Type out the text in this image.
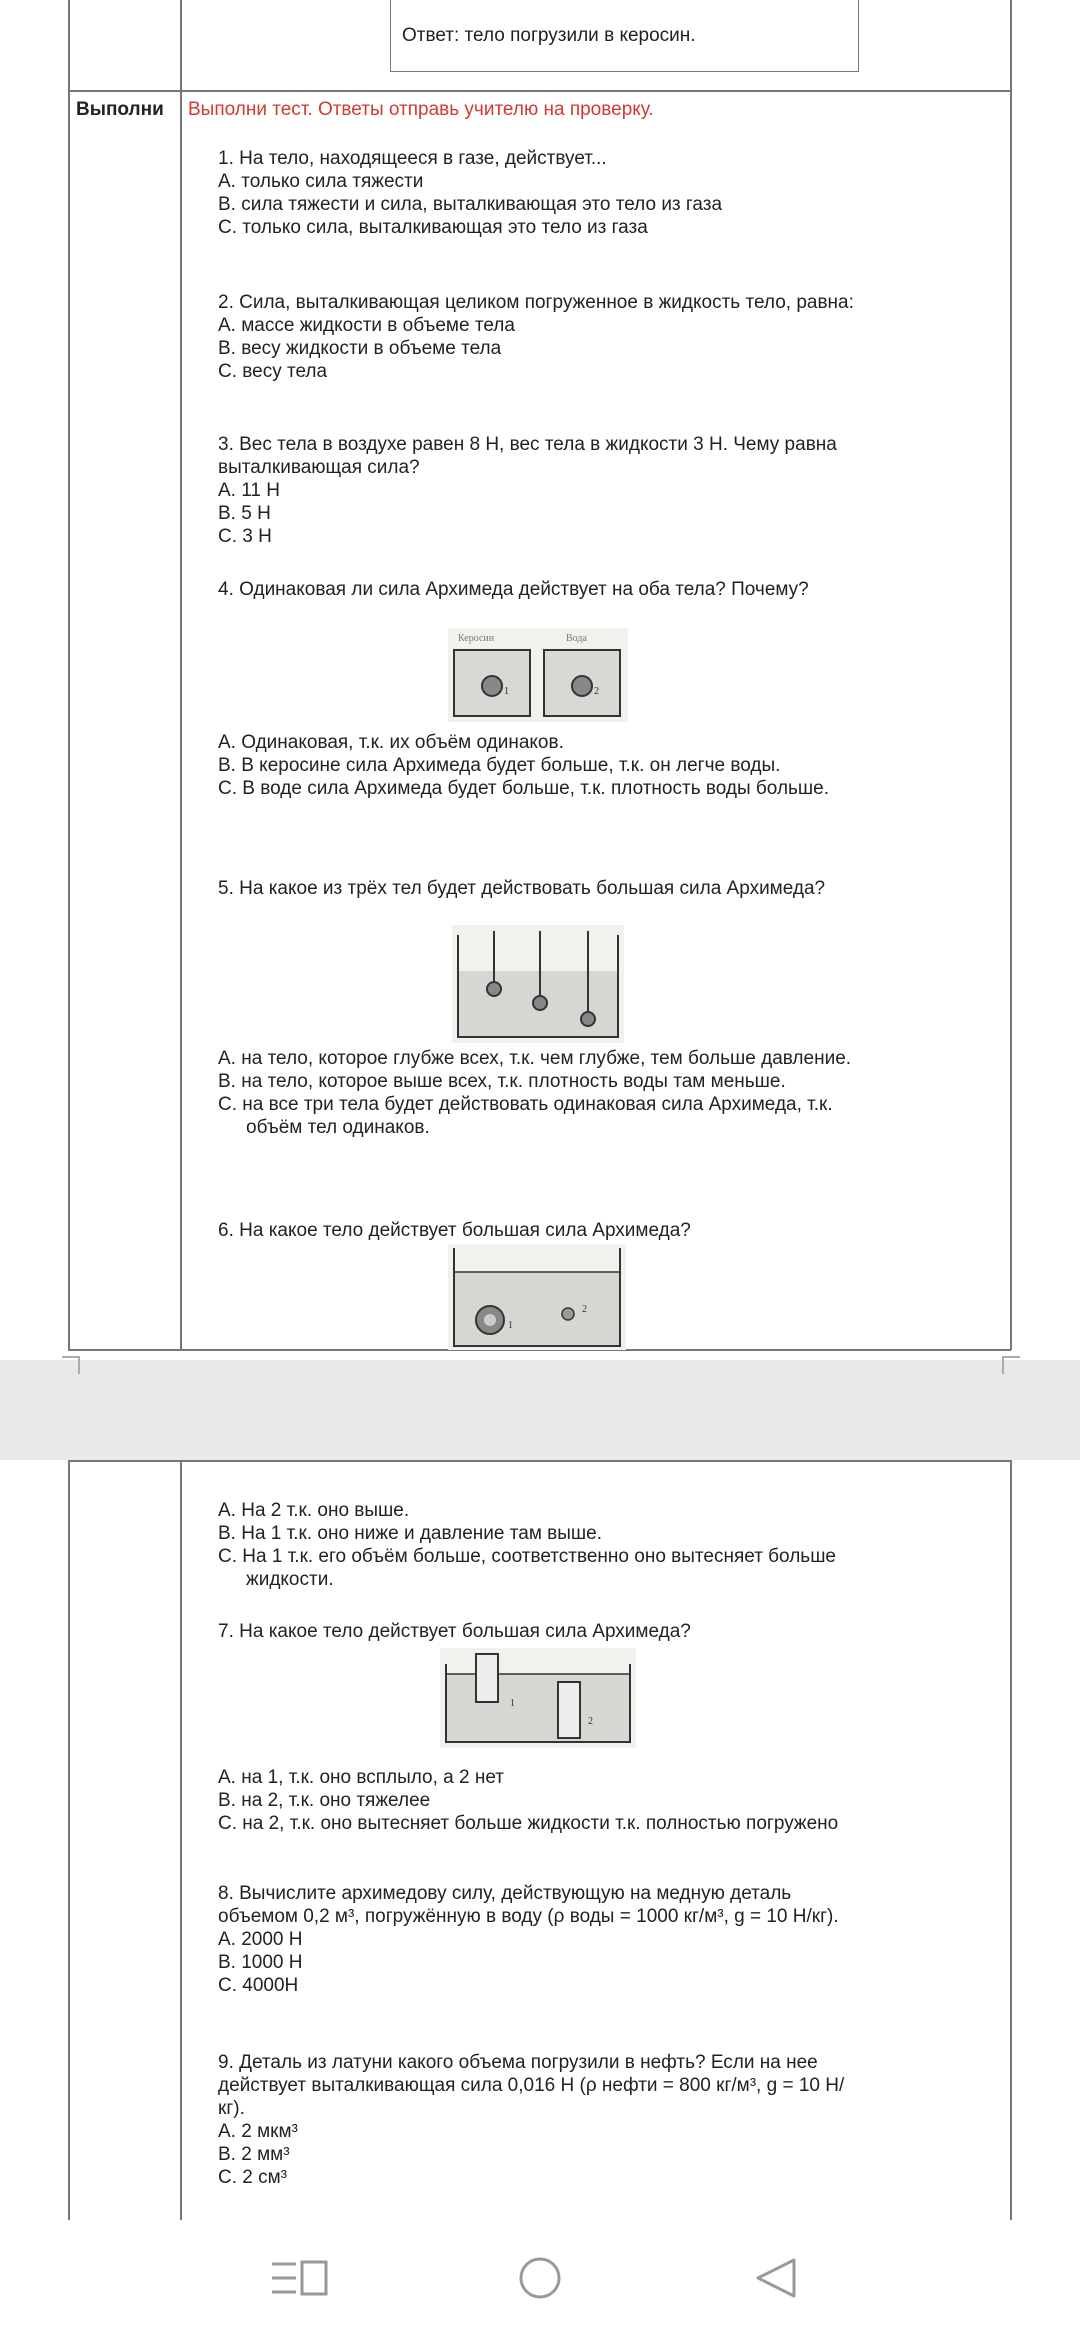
Ответ: тело погрузили в керосин.
Выполни	Выполни тест. Ответы отправь учителю на проверку.
1. На тело, находящееся в газе, действует...
A. только сила тяжести
B. сила тяжести и сила, выталкивающая это тело из газа
C. только сила, выталкивающая это тело из газа
2. Сила, выталкивающая целиком погруженное в жидкость тело, равна:
A. массе жидкости в объеме тела
B. весу жидкости в объеме тела
C. весу тела
3. Вес тела в воздухе равен 8 Н, вес тела в жидкости 3 Н. Чему равна выталкивающая сила?
A. 11 Н
B. 5 Н
C. 3 Н
4. Одинаковая ли сила Архимеда действует на оба тела? Почему?
Керосин	Вода
1	2
A. Одинаковая, т.к. их объём одинаков.
B. В керосине сила Архимеда будет больше, т.к. он легче воды.
C. В воде сила Архимеда будет больше, т.к. плотность воды больше.
5. На какое из трёх тел будет действовать большая сила Архимеда?
A. на тело, которое глубже всех, т.к. чем глубже, тем больше давление.
B. на тело, которое выше всех, т.к. плотность воды там меньше.
C. на все три тела будет действовать одинаковая сила Архимеда, т.к. объём тел одинаков.
6. На какое тело действует большая сила Архимеда?
1
2
A. На 2 т.к. оно выше.
B. На 1 т.к. оно ниже и давление там выше.
C. На 1 т.к. его объём больше, соответственно оно вытесняет больше жидкости.
7. На какое тело действует большая сила Архимеда?
1
2
A. на 1, т.к. оно всплыло, а 2 нет
B. на 2, т.к. оно тяжелее
C. на 2, т.к. оно вытесняет больше жидкости т.к. полностью погружено
8. Вычислите архимедову силу, действующую на медную деталь объемом 0,2 м³, погружённую в воду (ρ воды = 1000 кг/м³, g = 10 Н/кг).
A. 2000 Н
B. 1000 Н
C. 4000Н
9. Деталь из латуни какого объема погрузили в нефть? Если на нее действует выталкивающая сила 0,016 Н (ρ нефти = 800 кг/м³, g = 10 Н/кг).
A. 2 мкм³
B. 2 мм³
C. 2 см³
